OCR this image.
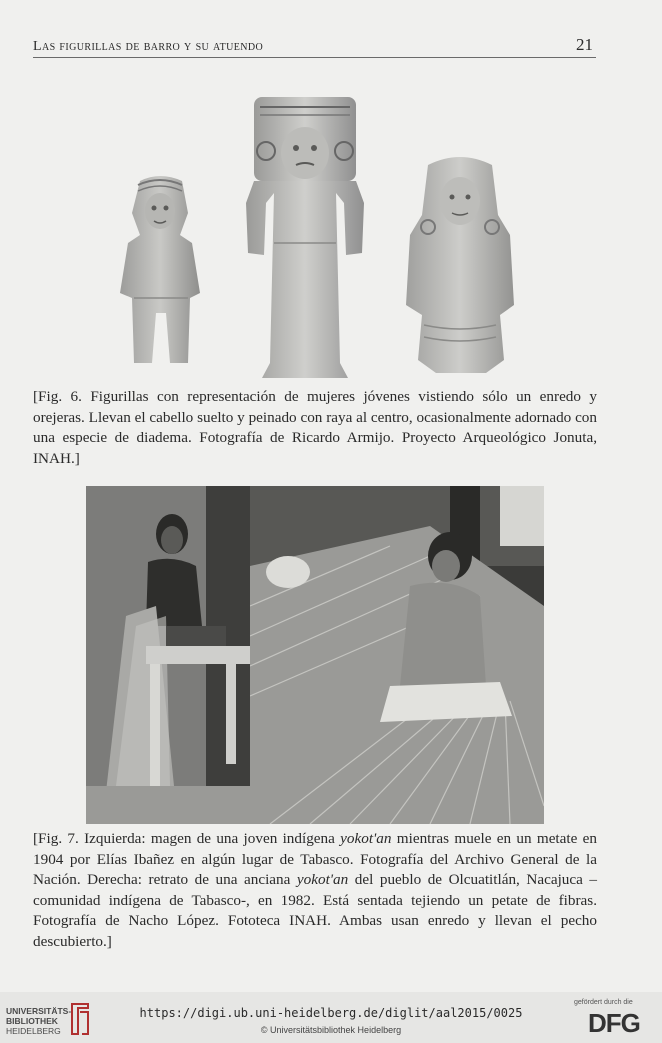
Las figurillas de barro y su atuendo	21

[Fig. 6. Figurillas con representación de mujeres jóvenes vistiendo sólo un enredo y orejeras. Llevan el cabello suelto y peinado con raya al centro, ocasionalmente adornado con una especie de diadema. Fotografía de Ricardo Armijo. Proyecto Arqueológico Jonuta, INAH.]

[Fig. 7. Izquierda: magen de una joven indígena yokot'an mientras muele en un metate en 1904 por Elías Ibañez en algún lugar de Tabasco. Fotografía del Archivo General de la Nación. Derecha: retrato de una anciana yokot'an del pueblo de Olcuatitlán, Nacajuca –comunidad indígena de Tabasco-, en 1982. Está sentada tejiendo un petate de fibras. Fotografía de Nacho López. Fototeca INAH. Ambas usan enredo y llevan el pecho descubierto.]

UNIVERSITÄTS-
BIBLIOTHEK
HEIDELBERG
https://digi.ub.uni-heidelberg.de/diglit/aal2015/0025
© Universitätsbibliothek Heidelberg
gefördert durch die
DFG
